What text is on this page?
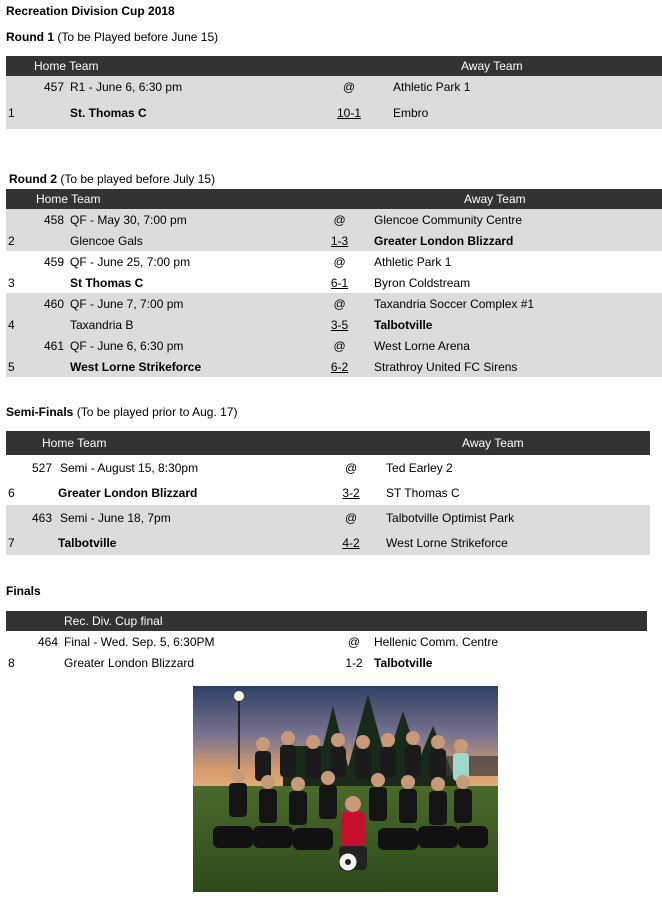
Recreation Division Cup 2018
Round 1 (To be Played before June 15)
Home Team				Away Team
	457	R1 - June 6, 6:30 pm	@	Athletic Park 1
1		St. Thomas C	10-1	Embro
Round 2 (To be played before July 15)
Home Team				Away Team
	458	QF - May 30, 7:00 pm	@	Glencoe Community Centre
2		Glencoe Gals	1-3	Greater London Blizzard
	459	QF - June 25, 7:00 pm	@	Athletic Park 1
3		St Thomas C	6-1	Byron Coldstream
	460	QF - June 7, 7:00 pm	@	Taxandria Soccer Complex #1
4		Taxandria B	3-5	Talbotville
	461	QF - June 6, 6:30 pm	@	West Lorne Arena
5		West Lorne Strikeforce	6-2	Strathroy United FC Sirens
Semi-Finals (To be played prior to Aug. 17)
Home Team				Away Team
	527	Semi - August 15, 8:30pm	@	Ted Earley 2
6		Greater London Blizzard	3-2	ST Thomas C
	463	Semi - June 18, 7pm	@	Talbotville Optimist Park
7		Talbotville	4-2	West Lorne Strikeforce
Finals
Rec. Div. Cup final				
	464	Final - Wed. Sep. 5, 6:30PM	@	Hellenic Comm. Centre
8		Greater London Blizzard	1-2	Talbotville
